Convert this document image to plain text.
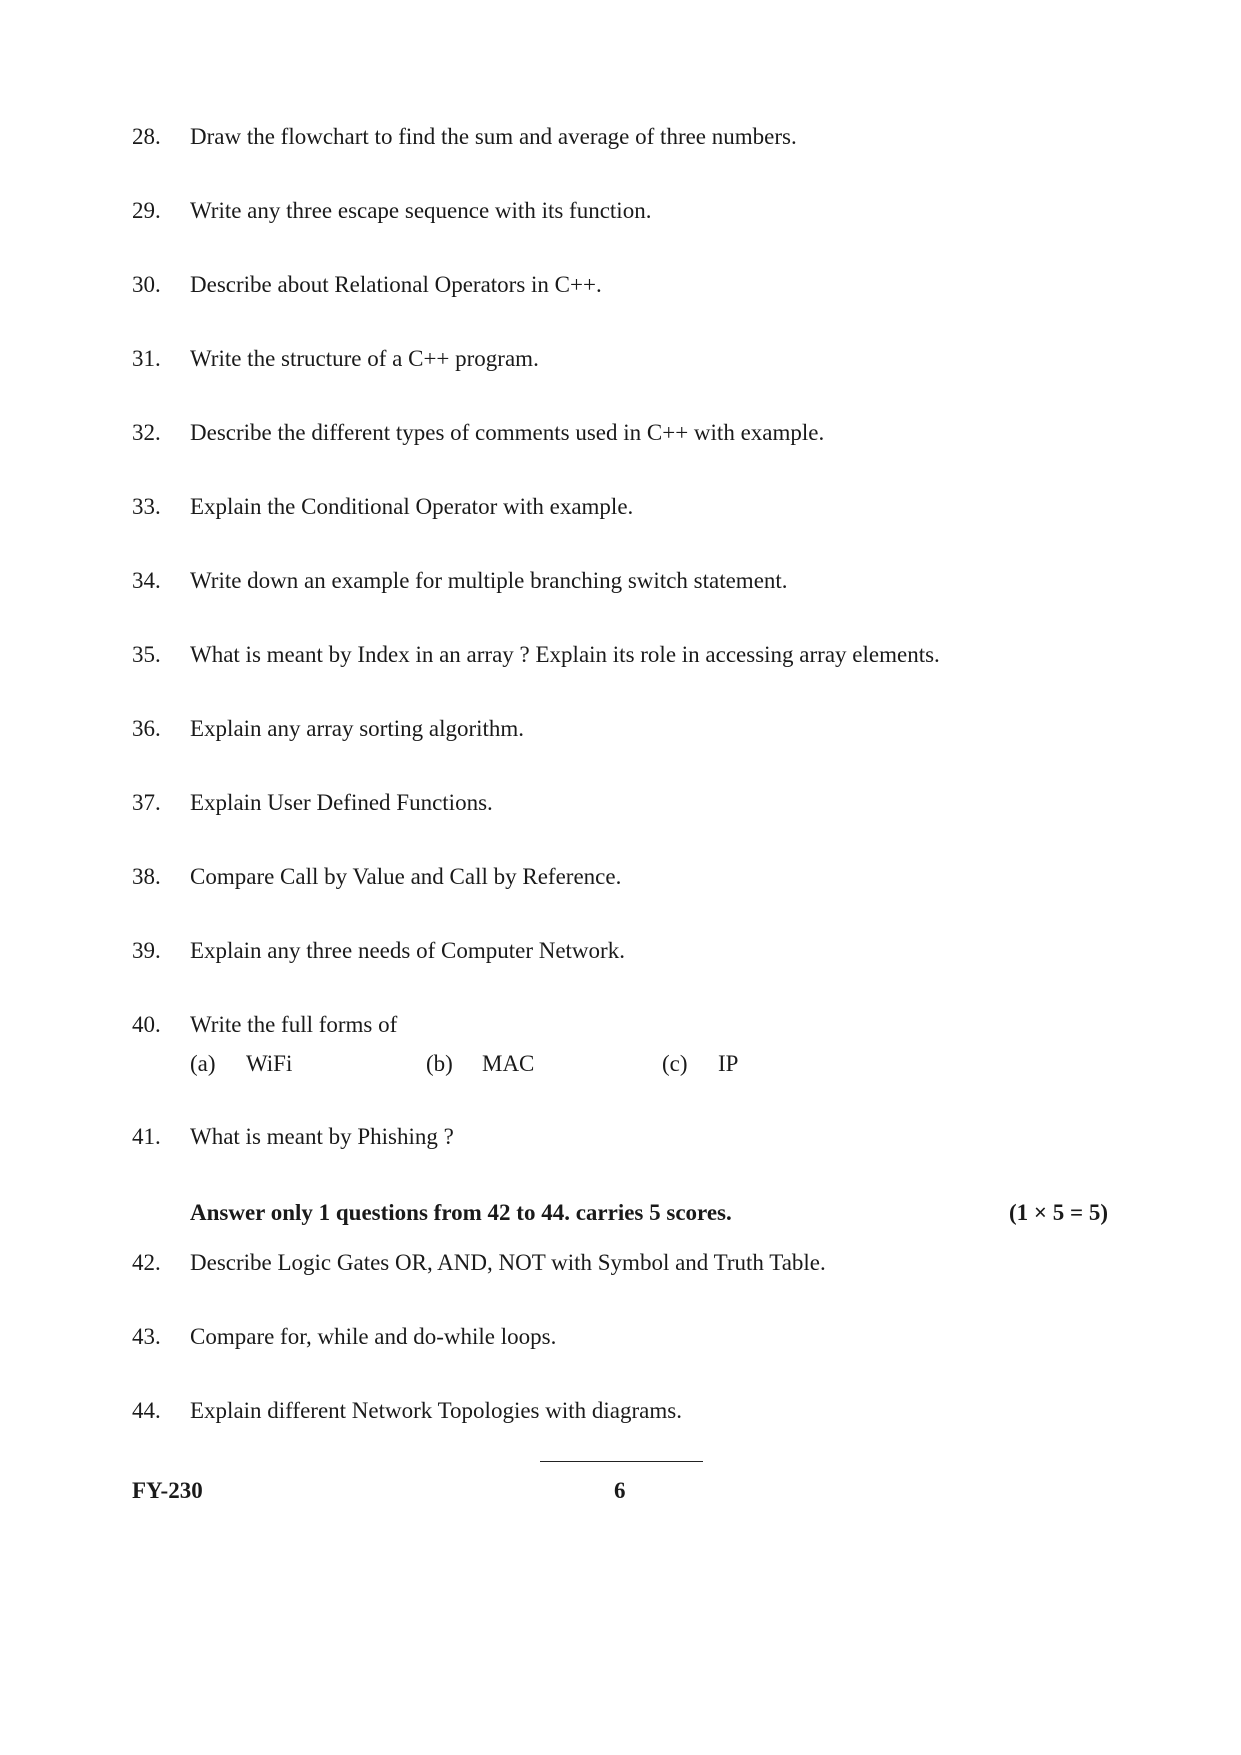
28. Draw the flowchart to find the sum and average of three numbers.
29. Write any three escape sequence with its function.
30. Describe about Relational Operators in C++.
31. Write the structure of a C++ program.
32. Describe the different types of comments used in C++ with example.
33. Explain the Conditional Operator with example.
34. Write down an example for multiple branching switch statement.
35. What is meant by Index in an array ? Explain its role in accessing array elements.
36. Explain any array sorting algorithm.
37. Explain User Defined Functions.
38. Compare Call by Value and Call by Reference.
39. Explain any three needs of Computer Network.
40. Write the full forms of
(a) WiFi	(b) MAC	(c) IP
41. What is meant by Phishing ?
Answer only 1 questions from 42 to 44. carries 5 scores.	(1 × 5 = 5)
42. Describe Logic Gates OR, AND, NOT with Symbol and Truth Table.
43. Compare for, while and do-while loops.
44. Explain different Network Topologies with diagrams.
FY-230	6
